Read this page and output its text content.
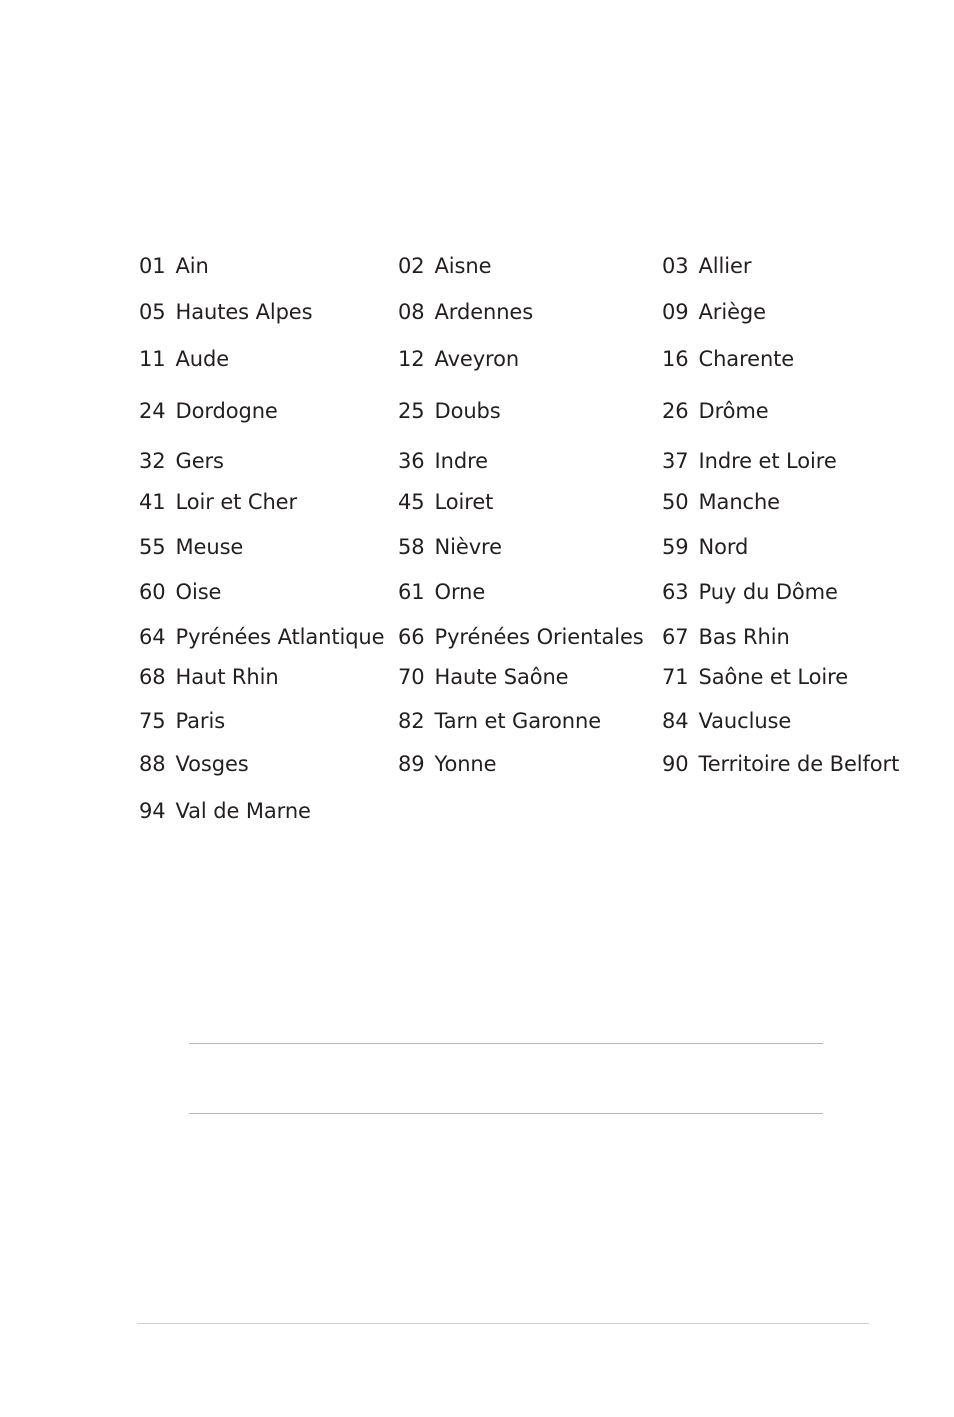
01 Ain	02 Aisne	03 Allier
05 Hautes Alpes	08 Ardennes	09 Ariège
11 Aude	12 Aveyron	16 Charente
24 Dordogne	25 Doubs	26 Drôme
32 Gers	36 Indre	37 Indre et Loire
41 Loir et Cher	45 Loiret	50 Manche
55 Meuse	58 Nièvre	59 Nord
60 Oise	61 Orne	63 Puy du Dôme
64 Pyrénées Atlantique 66 Pyrénées Orientales 67 Bas Rhin
68 Haut Rhin	70 Haute Saône	71 Saône et Loire
75 Paris	82 Tarn et Garonne	84 Vaucluse
88 Vosges	89 Yonne	90 Territoire de Belfort
94 Val de Marne
